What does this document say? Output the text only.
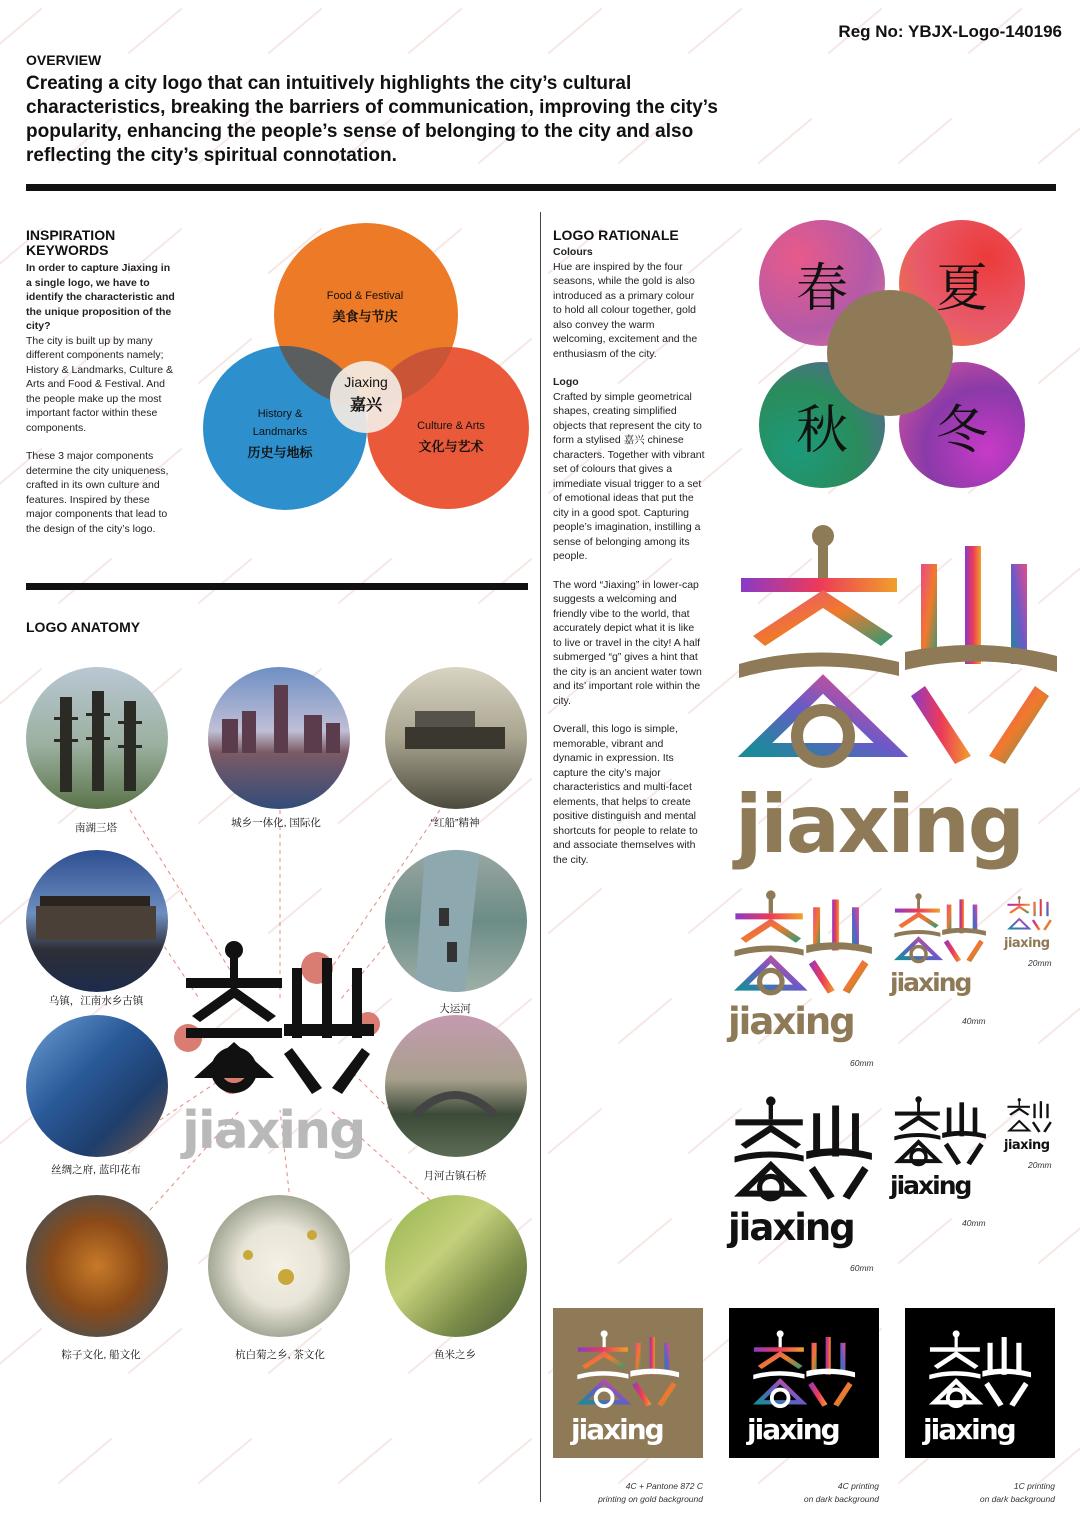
Reg No: YBJX-Logo-140196
OVERVIEW
Creating a city logo that can intuitively highlights the city’s cultural characteristics, breaking the barriers of communication, improving the city’s popularity, enhancing the people’s sense of belonging to the city and also reflecting the city’s spiritual connotation.
INSPIRATION
KEYWORDS
In order to capture Jiaxing in a single logo, we have to identify the characteristic and the unique proposition of the city?
The city is built up by many different components namely; History & Landmarks, Culture & Arts and Food & Festival. And the people make up the most important factor within these components.
These 3 major components determine the city uniqueness, crafted in its own culture and features. Inspired by these major components that lead to the design of the city’s logo.
Food & Festival
美食与节庆
History &
Landmarks
历史与地标
Culture & Arts
文化与艺术
Jiaxing
嘉兴
LOGO ANATOMY
南湖三塔	城乡一体化, 国际化	“红船”精神
乌镇，江南水乡古镇
大运河
丝绸之府, 蓝印花布	月河古镇石桥
粽子文化, 船文化	杭白菊之乡, 茶文化	鱼米之乡
jiaxing
LOGO RATIONALE
Colours
Hue are inspired by the four seasons, while the gold is also introduced as a primary colour to hold all colour together, gold also convey the warm welcoming, excitement and the enthusiasm of the city.
Logo
Crafted by simple geometrical shapes, creating simplified objects that represent the city to form a stylised 嘉兴 chinese characters. Together with vibrant set of colours that gives a immediate visual trigger to a set of emotional ideas that put the city in a good spot. Capturing people’s imagination, instilling a sense of belonging among its people.
The word “Jiaxing” in lower-cap suggests a welcoming and friendly vibe to the world, that accurately depict what it is like to live or travel in the city! A half submerged “g” gives a hint that the city is an ancient water town and its’ important role within the city.
Overall, this logo is simple, memorable, vibrant and dynamic in expression. Its capture the city’s major characteristics and multi-facet elements, that helps to create positive distinguish and mental shortcuts for people to relate to and associate themselves with the city.
春	夏
秋	冬
jiaxing
jiaxing
60mm
jiaxing
40mm
jiaxing
20mm
jiaxing
60mm
jiaxing
40mm
jiaxing
20mm
jiaxing	jiaxing	jiaxing
4C + Pantone 872 C
printing on gold background
4C printing
on dark background
1C printing
on dark background
